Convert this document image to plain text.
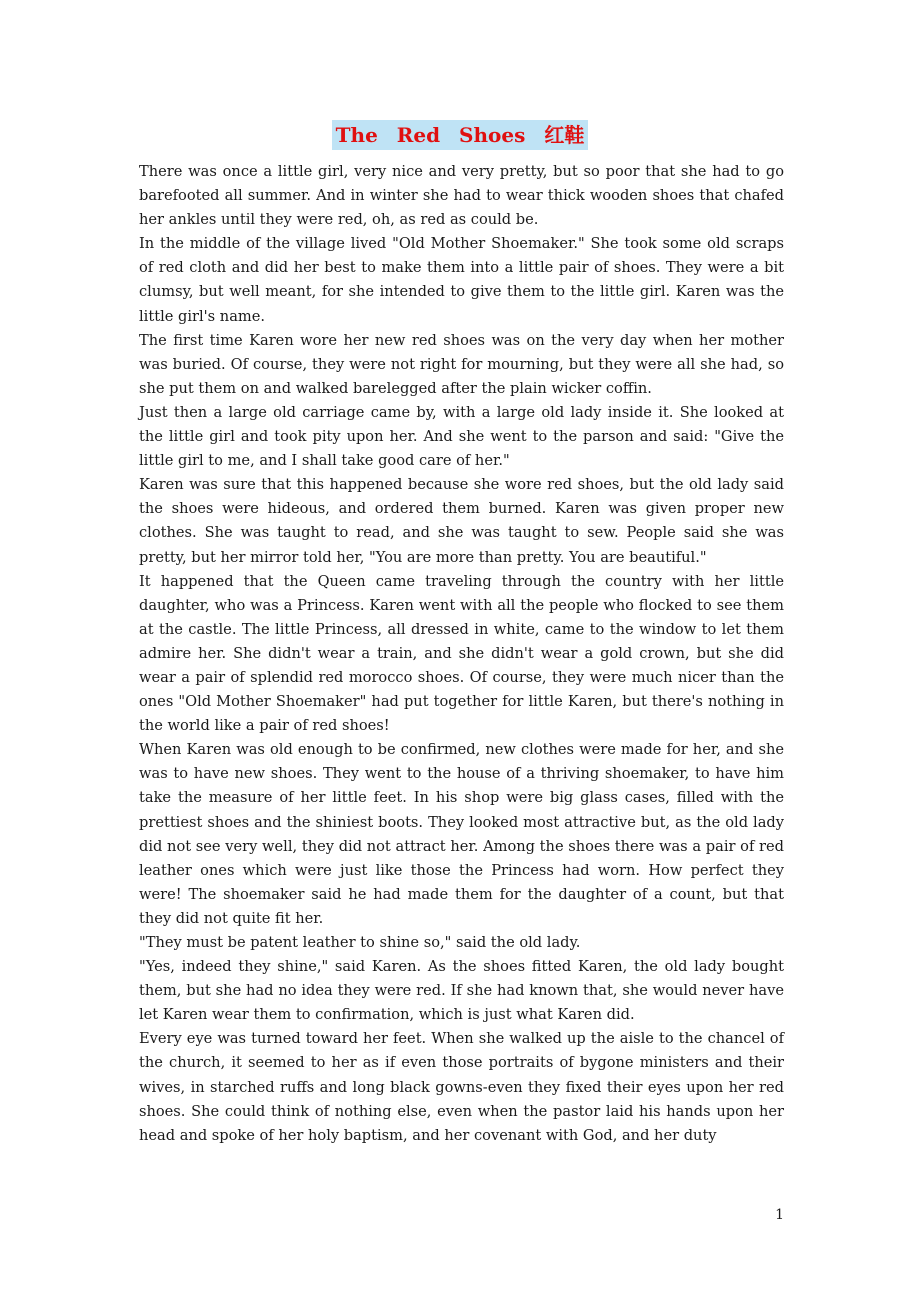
The Red Shoes 红鞋

There was once a little girl, very nice and very pretty, but so poor that she had to go barefooted all summer. And in winter she had to wear thick wooden shoes that chafed her ankles until they were red, oh, as red as could be.

In the middle of the village lived "Old Mother Shoemaker." She took some old scraps of red cloth and did her best to make them into a little pair of shoes. They were a bit clumsy, but well meant, for she intended to give them to the little girl. Karen was the little girl's name.

The first time Karen wore her new red shoes was on the very day when her mother was buried. Of course, they were not right for mourning, but they were all she had, so she put them on and walked barelegged after the plain wicker coffin.

Just then a large old carriage came by, with a large old lady inside it. She looked at the little girl and took pity upon her. And she went to the parson and said: "Give the little girl to me, and I shall take good care of her."

Karen was sure that this happened because she wore red shoes, but the old lady said the shoes were hideous, and ordered them burned. Karen was given proper new clothes. She was taught to read, and she was taught to sew. People said she was pretty, but her mirror told her, "You are more than pretty. You are beautiful."

It happened that the Queen came traveling through the country with her little daughter, who was a Princess. Karen went with all the people who flocked to see them at the castle. The little Princess, all dressed in white, came to the window to let them admire her. She didn't wear a train, and she didn't wear a gold crown, but she did wear a pair of splendid red morocco shoes. Of course, they were much nicer than the ones "Old Mother Shoemaker" had put together for little Karen, but there's nothing in the world like a pair of red shoes!

When Karen was old enough to be confirmed, new clothes were made for her, and she was to have new shoes. They went to the house of a thriving shoemaker, to have him take the measure of her little feet. In his shop were big glass cases, filled with the prettiest shoes and the shiniest boots. They looked most attractive but, as the old lady did not see very well, they did not attract her. Among the shoes there was a pair of red leather ones which were just like those the Princess had worn. How perfect they were! The shoemaker said he had made them for the daughter of a count, but that they did not quite fit her.

"They must be patent leather to shine so," said the old lady.

"Yes, indeed they shine," said Karen. As the shoes fitted Karen, the old lady bought them, but she had no idea they were red. If she had known that, she would never have let Karen wear them to confirmation, which is just what Karen did.

Every eye was turned toward her feet. When she walked up the aisle to the chancel of the church, it seemed to her as if even those portraits of bygone ministers and their wives, in starched ruffs and long black gowns-even they fixed their eyes upon her red shoes. She could think of nothing else, even when the pastor laid his hands upon her head and spoke of her holy baptism, and her covenant with God, and her duty

1
